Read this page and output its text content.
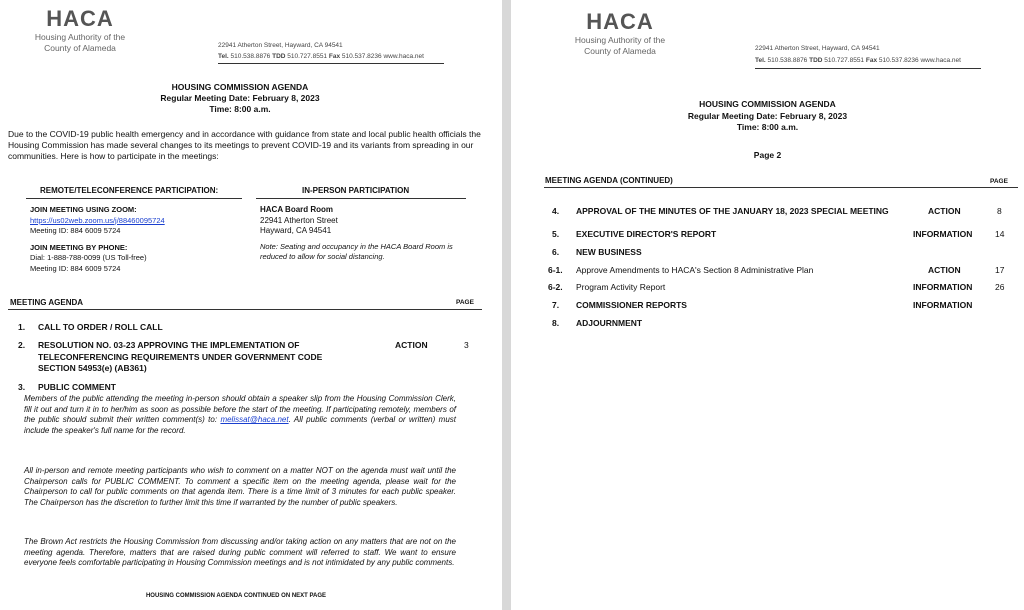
HACA
Housing Authority of the
County of Alameda	22941 Atherton Street, Hayward, CA 94541
Tel. 510.538.8876 TDD 510.727.8551 Fax 510.537.8236 www.haca.net
HOUSING COMMISSION AGENDA
Regular Meeting Date: February 8, 2023
Time: 8:00 a.m.
Due to the COVID-19 public health emergency and in accordance with guidance from state and local public health officials the Housing Commission has made several changes to its meetings to prevent COVID-19 and its variants from spreading in our communities. Here is how to participate in the meetings:
REMOTE/TELECONFERENCE PARTICIPATION:	IN-PERSON PARTICIPATION
JOIN MEETING USING ZOOM:
https://us02web.zoom.us/j/88460095724
Meeting ID: 884 6009 5724
JOIN MEETING BY PHONE:
Dial: 1-888-788-0099 (US Toll-free)
Meeting ID: 884 6009 5724
HACA Board Room
22941 Atherton Street
Hayward, CA 94541
Note: Seating and occupancy in the HACA Board Room is reduced to allow for social distancing.
MEETING AGENDA	PAGE
1. CALL TO ORDER / ROLL CALL
2. RESOLUTION NO. 03-23 APPROVING THE IMPLEMENTATION OF TELECONFERENCING REQUIREMENTS UNDER GOVERNMENT CODE SECTION 54953(e) (AB361)
ACTION	3
3. PUBLIC COMMENT
Members of the public attending the meeting in-person should obtain a speaker slip from the Housing Commission Clerk, fill it out and turn it in to her/him as soon as possible before the start of the meeting. If participating remotely, members of the public should submit their written comment(s) to: melissat@haca.net. All public comments (verbal or written) must include the speaker's full name for the record.
All in-person and remote meeting participants who wish to comment on a matter NOT on the agenda must wait until the Chairperson calls for PUBLIC COMMENT. To comment a specific item on the meeting agenda, please wait for the Chairperson to call for public comments on that agenda item. There is a time limit of 3 minutes for each public speaker. The Chairperson has the discretion to further limit this time if warranted by the number of public speakers.
The Brown Act restricts the Housing Commission from discussing and/or taking action on any matters that are not on the meeting agenda. Therefore, matters that are raised during public comment will referred to staff. We want to ensure everyone feels comfortable participating in Housing Commission meetings and is not intimidated by any public comments.
HOUSING COMMISSION AGENDA CONTINUED ON NEXT PAGE
HACA
Housing Authority of the
County of Alameda	22941 Atherton Street, Hayward, CA 94541
Tel. 510.538.8876 TDD 510.727.8551 Fax 510.537.8236 www.haca.net
HOUSING COMMISSION AGENDA
Regular Meeting Date: February 8, 2023
Time: 8:00 a.m.
Page 2
MEETING AGENDA (CONTINUED)	PAGE
4. APPROVAL OF THE MINUTES OF THE JANUARY 18, 2023 SPECIAL MEETING	ACTION	8
5. EXECUTIVE DIRECTOR'S REPORT	INFORMATION	14
6. NEW BUSINESS
6-1. Approve Amendments to HACA's Section 8 Administrative Plan	ACTION	17
6-2. Program Activity Report	INFORMATION	26
7. COMMISSIONER REPORTS	INFORMATION
8. ADJOURNMENT
